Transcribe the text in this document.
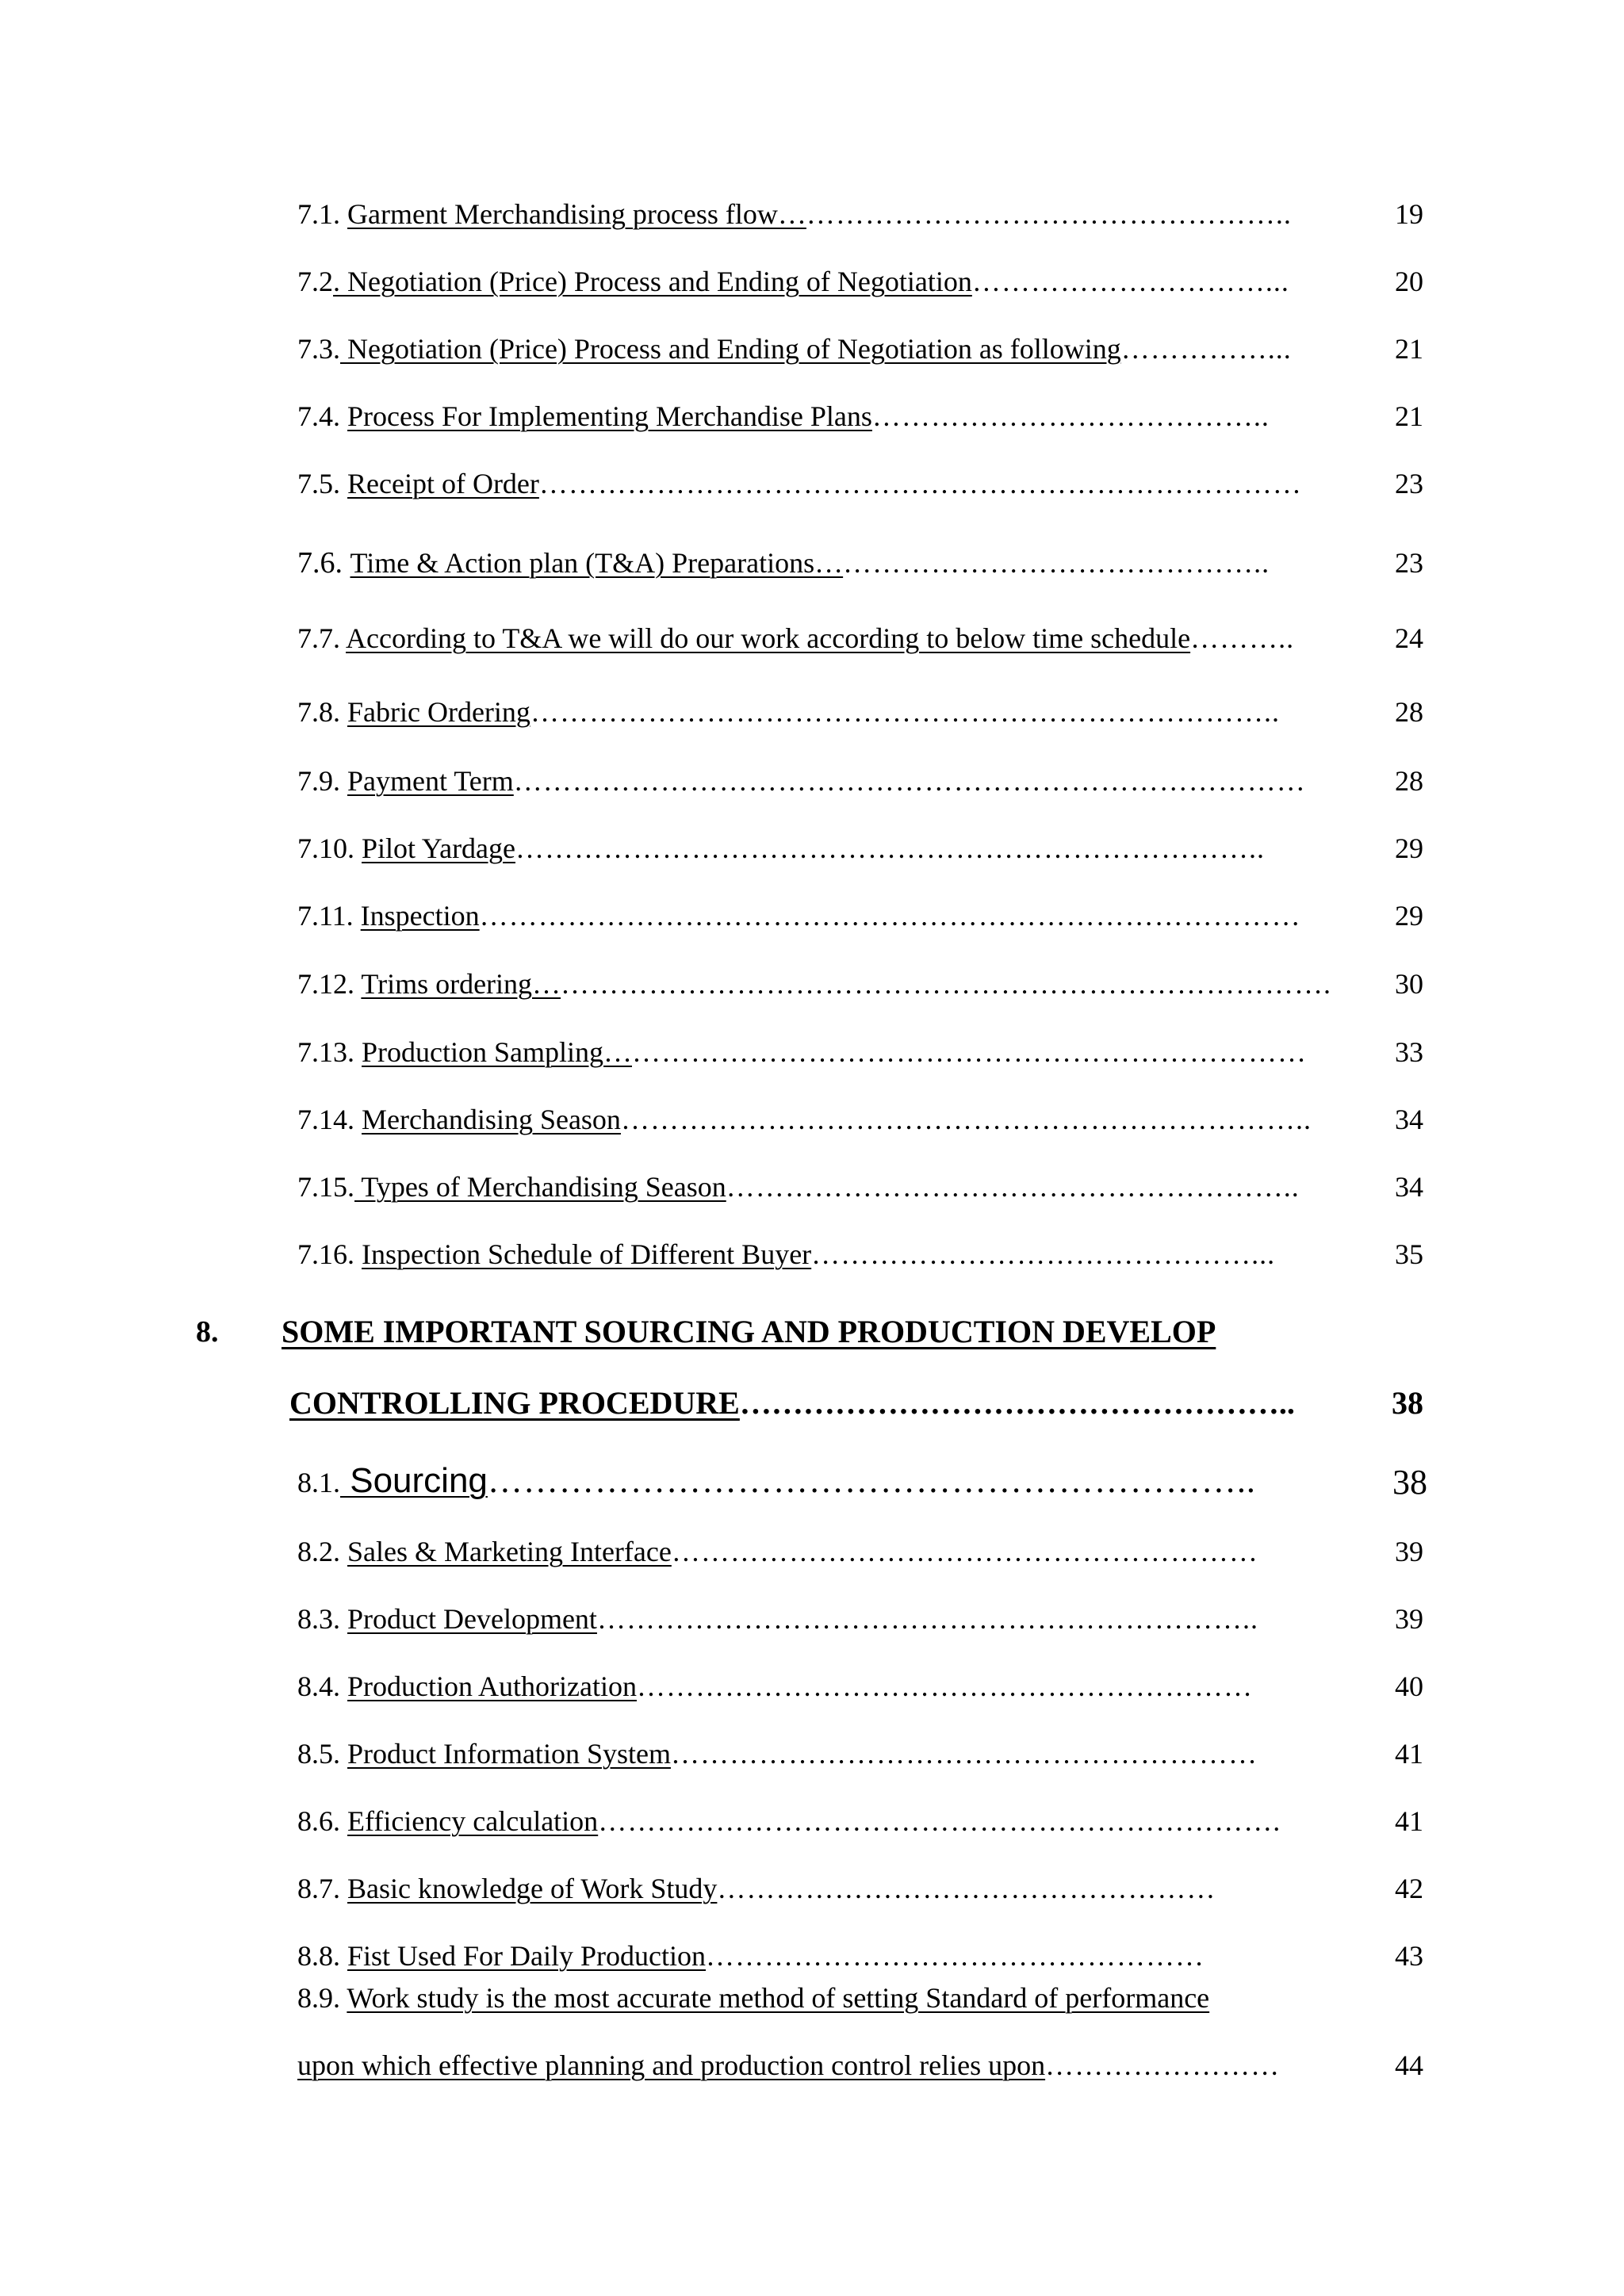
7.1. Garment Merchandising process flow……………………………………………..	19
7.2. Negotiation (Price) Process and Ending of Negotiation…………………………...	20
7.3. Negotiation (Price) Process and Ending of Negotiation as following……………...	21
7.4. Process For Implementing Merchandise Plans…………………………………..	21
7.5. Receipt of Order……………………………………………………………………	23
7.6. Time & Action plan (T&A) Preparations………………………………………..	23
7.7. According to T&A we will do our work according to below time schedule………..	24
7.8. Fabric Ordering…………………………………………………………………..	28
7.9. Payment Term………………………………………………………………………	28
7.10. Pilot Yardage…………………………………………………………………..	29
7.11. Inspection…………………………………………………………………………	29
7.12. Trims ordering……………………………………………………………………….	30
7.13. Production Sampling………………………………………………………………	33
7.14. Merchandising Season……………………………………………………………..	34
7.15. Types of Merchandising Season…………………………………………………..	34
7.16. Inspection Schedule of Different Buyer………………………………………...	35
8. SOME IMPORTANT SOURCING AND PRODUCTION DEVELOP
CONTROLLING PROCEDURE……………………………………………..	38
8.1. Sourcing………………………………………………………..	38
8.2. Sales & Marketing Interface……………………………………………………	39
8.3. Product Development…………………………………………………………..	39
8.4. Production Authorization………………………………………………………	40
8.5. Product Information System……………………………………………………	41
8.6. Efficiency calculation…………………………………………………………….	41
8.7. Basic knowledge of Work Study……………………………………………	42
8.8. Fist Used For Daily Production……………………………………………	43
8.9. Work study is the most accurate method of setting Standard of performance
upon which effective planning and production control relies upon……………………	44
